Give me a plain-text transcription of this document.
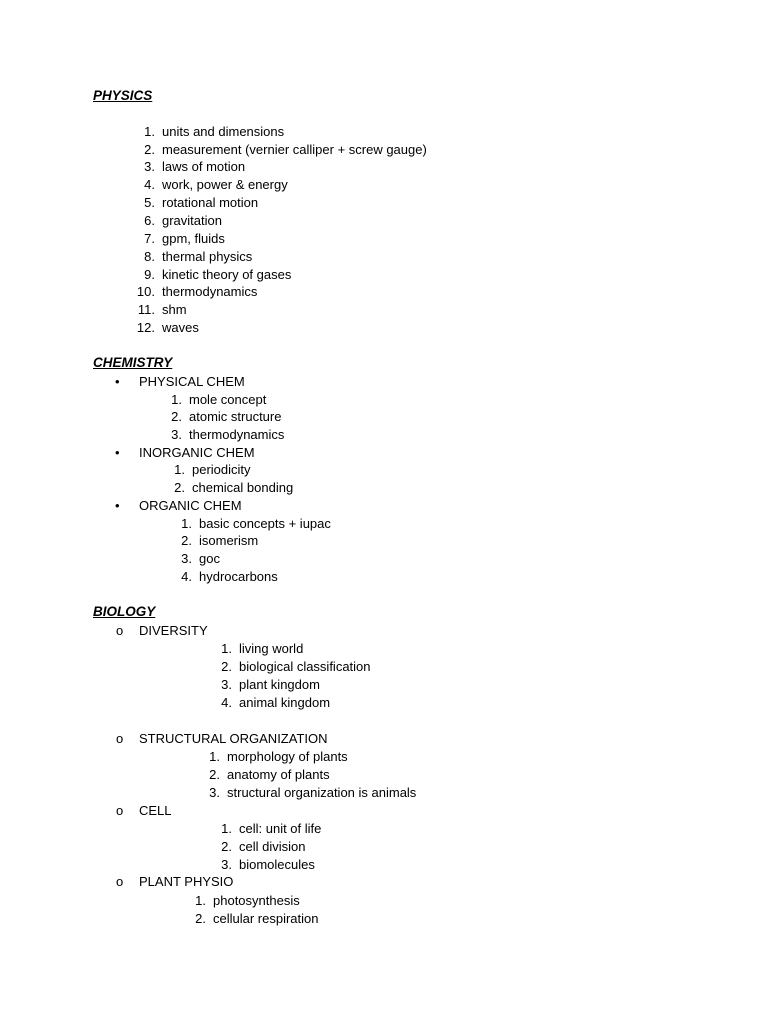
PHYSICS
1. units and dimensions
2. measurement (vernier calliper + screw gauge)
3. laws of motion
4. work, power & energy
5. rotational motion
6. gravitation
7. gpm, fluids
8. thermal physics
9. kinetic theory of gases
10. thermodynamics
11. shm
12. waves
CHEMISTRY
• PHYSICAL CHEM
1. mole concept
2. atomic structure
3. thermodynamics
• INORGANIC CHEM
1. periodicity
2. chemical bonding
• ORGANIC CHEM
1. basic concepts + iupac
2. isomerism
3. goc
4. hydrocarbons
BIOLOGY
o DIVERSITY
1. living world
2. biological classification
3. plant kingdom
4. animal kingdom
o STRUCTURAL ORGANIZATION
1. morphology of plants
2. anatomy of plants
3. structural organization is animals
o CELL
1. cell: unit of life
2. cell division
3. biomolecules
o PLANT PHYSIO
1. photosynthesis
2. cellular respiration
